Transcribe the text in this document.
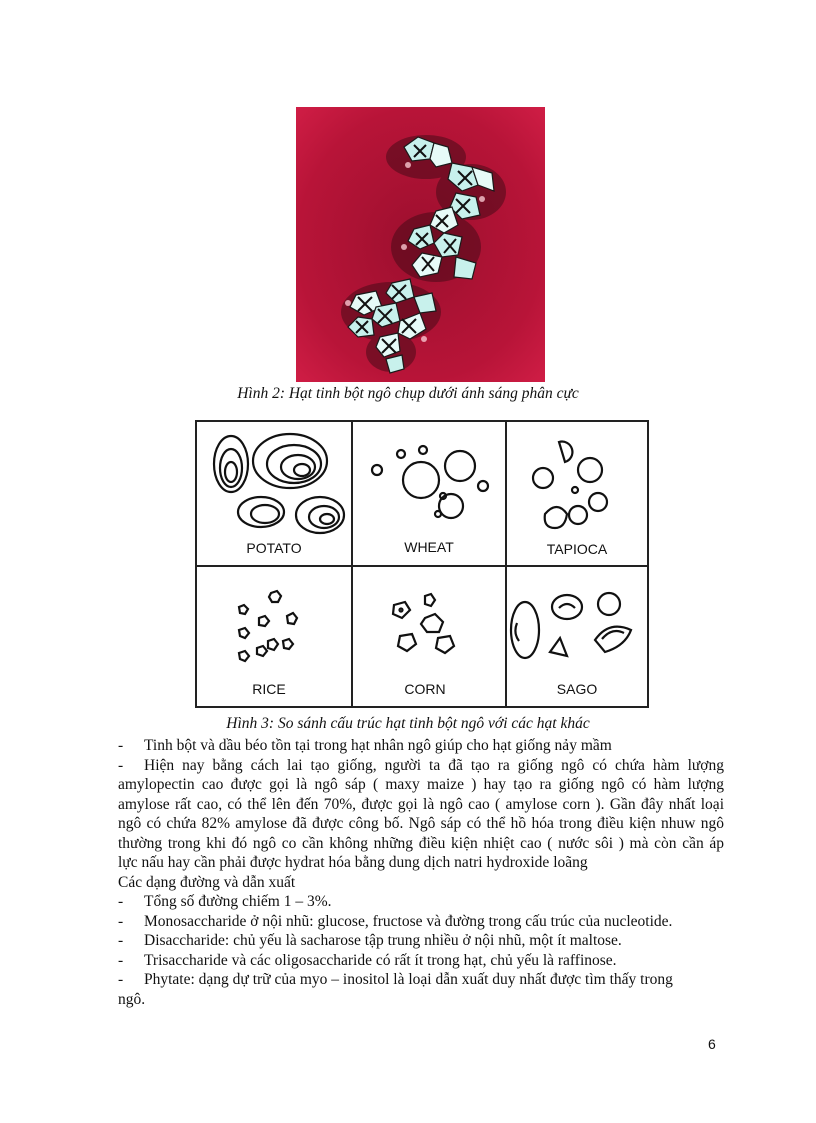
Hình 2: Hạt tinh bột ngô chụp dưới ánh sáng phân cực
POTATO	WHEAT	TAPIOCA
RICE	CORN	SAGO
Hình 3: So sánh cấu trúc hạt tinh bột ngô với các hạt khác
- Tinh bột và dầu béo tồn tại trong hạt nhân ngô giúp cho hạt giống nảy mầm
- Hiện nay bằng cách lai tạo giống, người ta đã tạo ra giống ngô có chứa hàm lượng
amylopectin cao được gọi là ngô sáp ( maxy maize ) hay tạo ra giống ngô có hàm lượng
amylose rất cao, có thể lên đến 70%, được gọi là ngô cao ( amylose corn ). Gần đây nhất loại
ngô có chứa 82% amylose đã được công bố. Ngô sáp có thể hồ hóa trong điều kiện nhuw ngô
thường trong khi đó ngô co cần không những điều kiện nhiệt cao ( nước sôi ) mà còn cần áp
lực nấu hay cần phải được hydrat hóa bằng dung dịch natri hydroxide loãng
Các dạng đường và dẫn xuất
- Tổng số đường chiếm 1 – 3%.
- Monosaccharide ở nội nhũ: glucose, fructose và đường trong cấu trúc của nucleotide.
- Disaccharide: chủ yếu là sacharose tập trung nhiều ở nội nhũ, một ít maltose.
- Trisaccharide và các oligosaccharide có rất ít trong hạt, chủ yếu là raffinose.
- Phytate: dạng dự trữ của myo – inositol là loại dẫn xuất duy nhất được tìm thấy trong
ngô.
6
